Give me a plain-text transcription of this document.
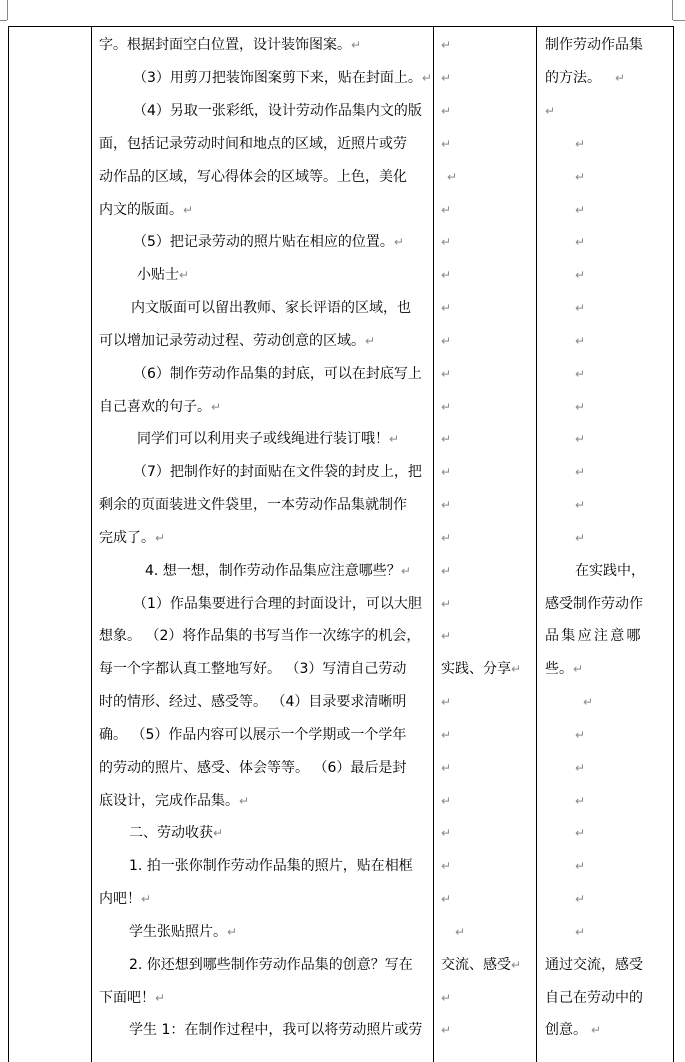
字。根据封面空白位置，设计装饰图案。↵
（3）用剪刀把装饰图案剪下来，贴在封面上。↵
（4）另取一张彩纸，设计劳动作品集内文的版
面，包括记录劳动时间和地点的区域，近照片或劳
动作品的区域，写心得体会的区域等。上色，美化
内文的版面。↵
（5）把记录劳动的照片贴在相应的位置。↵
小贴士↵
内文版面可以留出教师、家长评语的区域，也
可以增加记录劳动过程、劳动创意的区域。↵
（6）制作劳动作品集的封底，可以在封底写上
自己喜欢的句子。↵
同学们可以利用夹子或线绳进行装订哦！↵
（7）把制作好的封面贴在文件袋的封皮上，把
剩余的页面装进文件袋里，一本劳动作品集就制作
完成了。↵
4. 想一想，制作劳动作品集应注意哪些？↵
（1）作品集要进行合理的封面设计，可以大胆
想象。 （2）将作品集的书写当作一次练字的机会，
每一个字都认真工整地写好。 （3）写清自己劳动
时的情形、经过、感受等。 （4）目录要求清晰明
确。 （5）作品内容可以展示一个学期或一个学年
的劳动的照片、感受、体会等等。 （6）最后是封
底设计，完成作品集。↵
二、劳动收获↵
1. 拍一张你制作劳动作品集的照片，贴在相框
内吧！↵
学生张贴照片。↵
2. 你还想到哪些制作劳动作品集的创意？写在
下面吧！↵
学生 1：在制作过程中，我可以将劳动照片或劳
↵
↵
↵
↵
↵
↵
↵
↵
↵
↵
↵
↵
↵
↵
↵
↵
↵
↵
↵
实践、分享↵
↵
↵
↵
↵
↵
↵
↵
↵
交流、感受↵
↵
↵
制作劳动作品集
的方法。 ↵
↵
↵
↵
↵
↵
↵
↵
↵
↵
↵
↵
↵
↵
↵
在实践中，
感受制作劳动作
品集应注意哪
些。↵
↵
↵
↵
↵
↵
↵
↵
↵
通过交流，感受
自己在劳动中的
创意。 ↵
